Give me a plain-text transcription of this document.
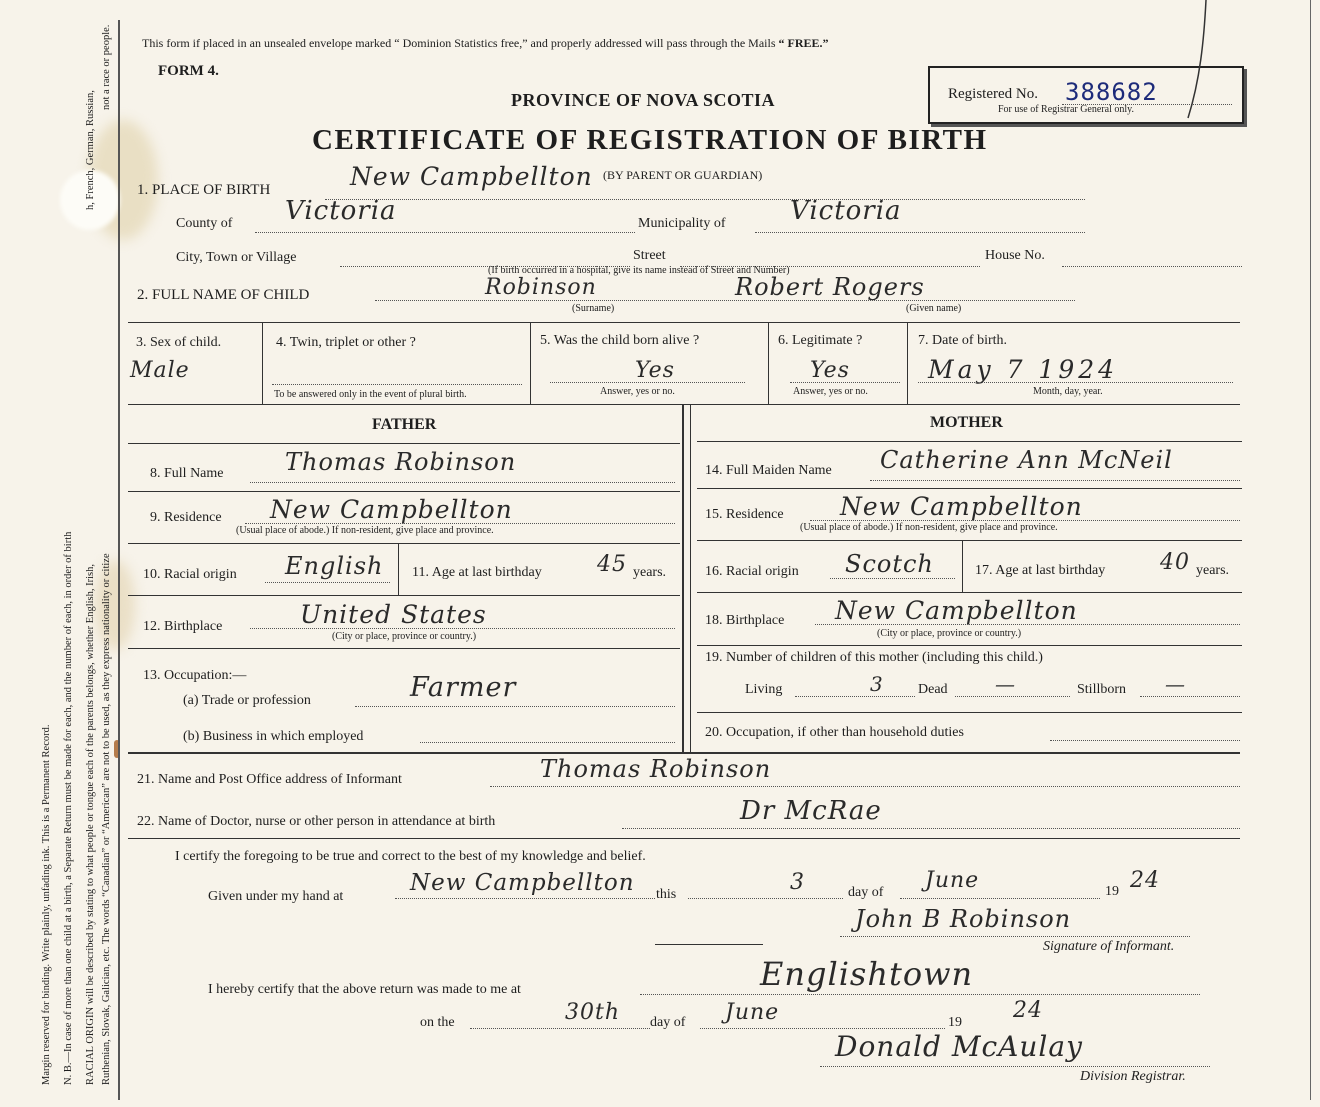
Margin reserved for binding. Write plainly, unfading ink. This is a Permanent Record. N. B.—In case of more than one child at a birth, a Separate Return must be made for each, and the number of each, in order of birth RACIAL ORIGIN will be described by stating to what people or tongue each of the parents belongs, whether English, Irish, Ruthenian, Slovak, Galician, etc. The words “Canadian” or “American” are not to be used, as they express nationality or citize
h, French, German, Russian,
not a race or people.	This form if placed in an unsealed envelope marked “ Dominion Statistics free,” and properly addressed will pass through the Mails “ FREE.”
FORM 4.
Registered No. 388682
For use of Registrar General only.
PROVINCE OF NOVA SCOTIA
CERTIFICATE OF REGISTRATION OF BIRTH
(BY PARENT OR GUARDIAN)
1. PLACE OF BIRTH	New Campbellton
County of Victoria	Municipality of Victoria
City, Town or Village	Street	House No.
(If birth occurred in a hospital, give its name instead of Street and Number)
2. FULL NAME OF CHILD	Robinson	Robert Rogers
(Surname)	(Given name)
3. Sex of child.
Male
4. Twin, triplet or other ?
To be answered only in the event of plural birth.
5. Was the child born alive ?
Yes
Answer, yes or no.
6. Legitimate ?
Yes
Answer, yes or no.
7. Date of birth.
May 7 1924
Month, day, year.
FATHER	MOTHER
8. Full Name	Thomas Robinson
9. Residence New Campbellton
(Usual place of abode.) If non-resident, give place and province.
10. Racial origin English 11. Age at last birthday	45 years.
12. Birthplace	United States
(City or place, province or country.)
13. Occupation:—
(a) Trade or profession	Farmer
(b) Business in which employed
14. Full Maiden Name Catherine Ann McNeil
15. Residence New Campbellton
(Usual place of abode.) If non-resident, give place and province.
16. Racial origin Scotch	17. Age at last birthday 40 years.
18. Birthplace New Campbellton
(City or place, province or country.)
19. Number of children of this mother (including this child.)
Living	3 Dead —	Stillborn —
20. Occupation, if other than household duties
21. Name and Post Office address of Informant	Thomas Robinson
22. Name of Doctor, nurse or other person in attendance at birth	Dr McRae
I certify the foregoing to be true and correct to the best of my knowledge and belief.
Given under my hand at
New Campbellton this	3	day of June	19 24
John B Robinson
Signature of Informant.
I hereby certify that the above return was made to me at	Englishtown
on the	30th day of June	19 24
Donald McAulay
Division Registrar.
